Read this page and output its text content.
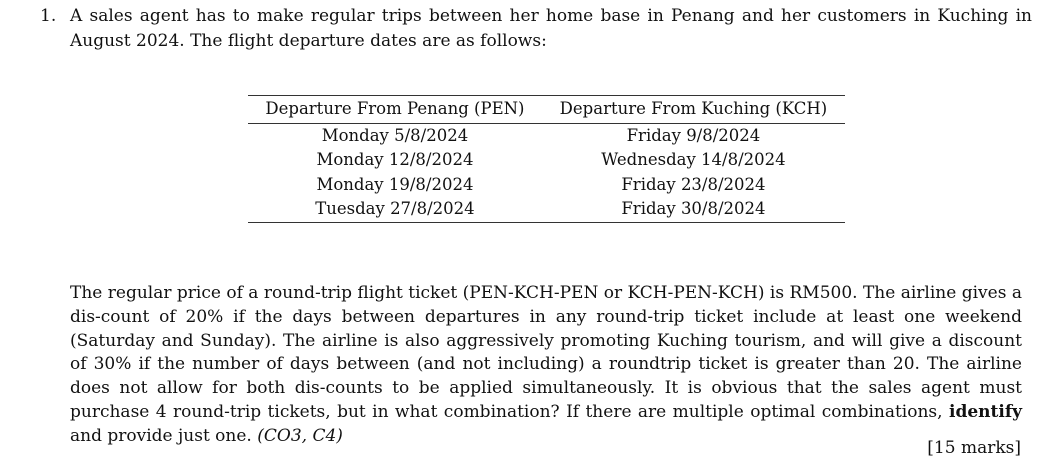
1. A sales agent has to make regular trips between her home base in Penang and her customers in Kuching in August 2024. The flight departure dates are as follows:
Departure From Penang (PEN)	Departure From Kuching (KCH)
Monday 5/8/2024	Friday 9/8/2024
Monday 12/8/2024	Wednesday 14/8/2024
Monday 19/8/2024	Friday 23/8/2024
Tuesday 27/8/2024	Friday 30/8/2024
The regular price of a round-trip flight ticket (PEN-KCH-PEN or KCH-PEN-KCH) is RM500. The airline gives a dis-count of 20% if the days between departures in any round-trip ticket include at least one weekend (Saturday and Sunday). The airline is also aggressively promoting Kuching tourism, and will give a discount of 30% if the number of days between (and not including) a roundtrip ticket is greater than 20. The airline does not allow for both dis-counts to be applied simultaneously. It is obvious that the sales agent must purchase 4 round-trip tickets, but in what combination? If there are multiple optimal combinations, identify and provide just one. (CO3, C4)
[15 marks]
